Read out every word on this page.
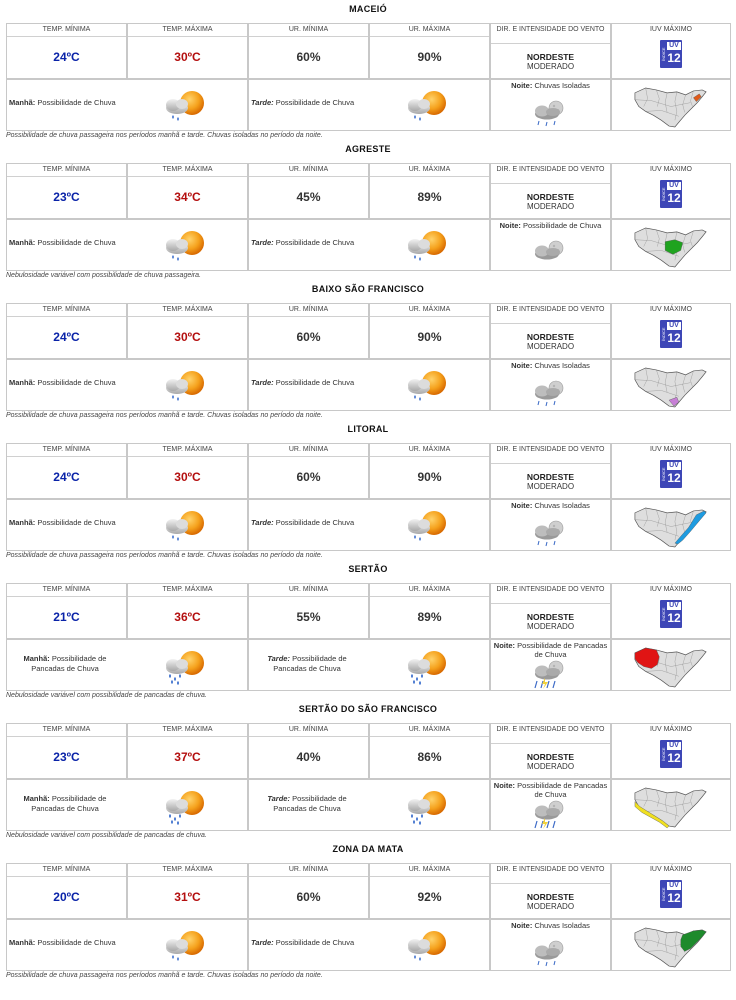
MACEIÓ
TEMP. MÍNIMA
24ºC
TEMP. MÁXIMA
30ºC
UR. MÍNIMA
60%
UR. MÁXIMA
90%
DIR. E INTENSIDADE DO VENTO
NORDESTE
MODERADO
IUV MÁXIMO
ÍNDICE
UV
12
Manhã: Possibilidade de Chuva	Tarde: Possibilidade de Chuva
Noite: Chuvas Isoladas
Possibilidade de chuva passageira nos períodos manhã e tarde. Chuvas isoladas no período da noite.
AGRESTE
TEMP. MÍNIMA
23ºC
TEMP. MÁXIMA
34ºC
UR. MÍNIMA
45%
UR. MÁXIMA
89%
DIR. E INTENSIDADE DO VENTO
NORDESTE
MODERADO
IUV MÁXIMO
ÍNDICE
UV
12
Manhã: Possibilidade de Chuva	Tarde: Possibilidade de Chuva
Noite: Possibilidade de Chuva
Nebulosidade variável com possibilidade de chuva passageira.
BAIXO SÃO FRANCISCO
TEMP. MÍNIMA
24ºC
TEMP. MÁXIMA
30ºC
UR. MÍNIMA
60%
UR. MÁXIMA
90%
DIR. E INTENSIDADE DO VENTO
NORDESTE
MODERADO
IUV MÁXIMO
ÍNDICE
UV
12
Manhã: Possibilidade de Chuva	Tarde: Possibilidade de Chuva
Noite: Chuvas Isoladas
Possibilidade de chuva passageira nos períodos manhã e tarde. Chuvas isoladas no período da noite.
LITORAL
TEMP. MÍNIMA
24ºC
TEMP. MÁXIMA
30ºC
UR. MÍNIMA
60%
UR. MÁXIMA
90%
DIR. E INTENSIDADE DO VENTO
NORDESTE
MODERADO
IUV MÁXIMO
ÍNDICE
UV
12
Manhã: Possibilidade de Chuva	Tarde: Possibilidade de Chuva
Noite: Chuvas Isoladas
Possibilidade de chuva passageira nos períodos manhã e tarde. Chuvas isoladas no período da noite.
SERTÃO
TEMP. MÍNIMA
21ºC
TEMP. MÁXIMA
36ºC
UR. MÍNIMA
55%
UR. MÁXIMA
89%
DIR. E INTENSIDADE DO VENTO
NORDESTE
MODERADO
IUV MÁXIMO
ÍNDICE
UV
12
Manhã: Possibilidade de Pancadas de Chuva
Tarde: Possibilidade de Pancadas de Chuva
Noite: Possibilidade de Pancadas de Chuva
Nebulosidade variável com possibilidade de pancadas de chuva.
SERTÃO DO SÃO FRANCISCO
TEMP. MÍNIMA
23ºC
TEMP. MÁXIMA
37ºC
UR. MÍNIMA
40%
UR. MÁXIMA
86%
DIR. E INTENSIDADE DO VENTO
NORDESTE
MODERADO
IUV MÁXIMO
ÍNDICE
UV
12
Manhã: Possibilidade de Pancadas de Chuva
Tarde: Possibilidade de Pancadas de Chuva
Noite: Possibilidade de Pancadas de Chuva
Nebulosidade variável com possibilidade de pancadas de chuva.
ZONA DA MATA
TEMP. MÍNIMA
20ºC
TEMP. MÁXIMA
31ºC
UR. MÍNIMA
60%
UR. MÁXIMA
92%
DIR. E INTENSIDADE DO VENTO
NORDESTE
MODERADO
IUV MÁXIMO
ÍNDICE
UV
12
Manhã: Possibilidade de Chuva	Tarde: Possibilidade de Chuva
Noite: Chuvas Isoladas
Possibilidade de chuva passageira nos períodos manhã e tarde. Chuvas isoladas no período da noite.
